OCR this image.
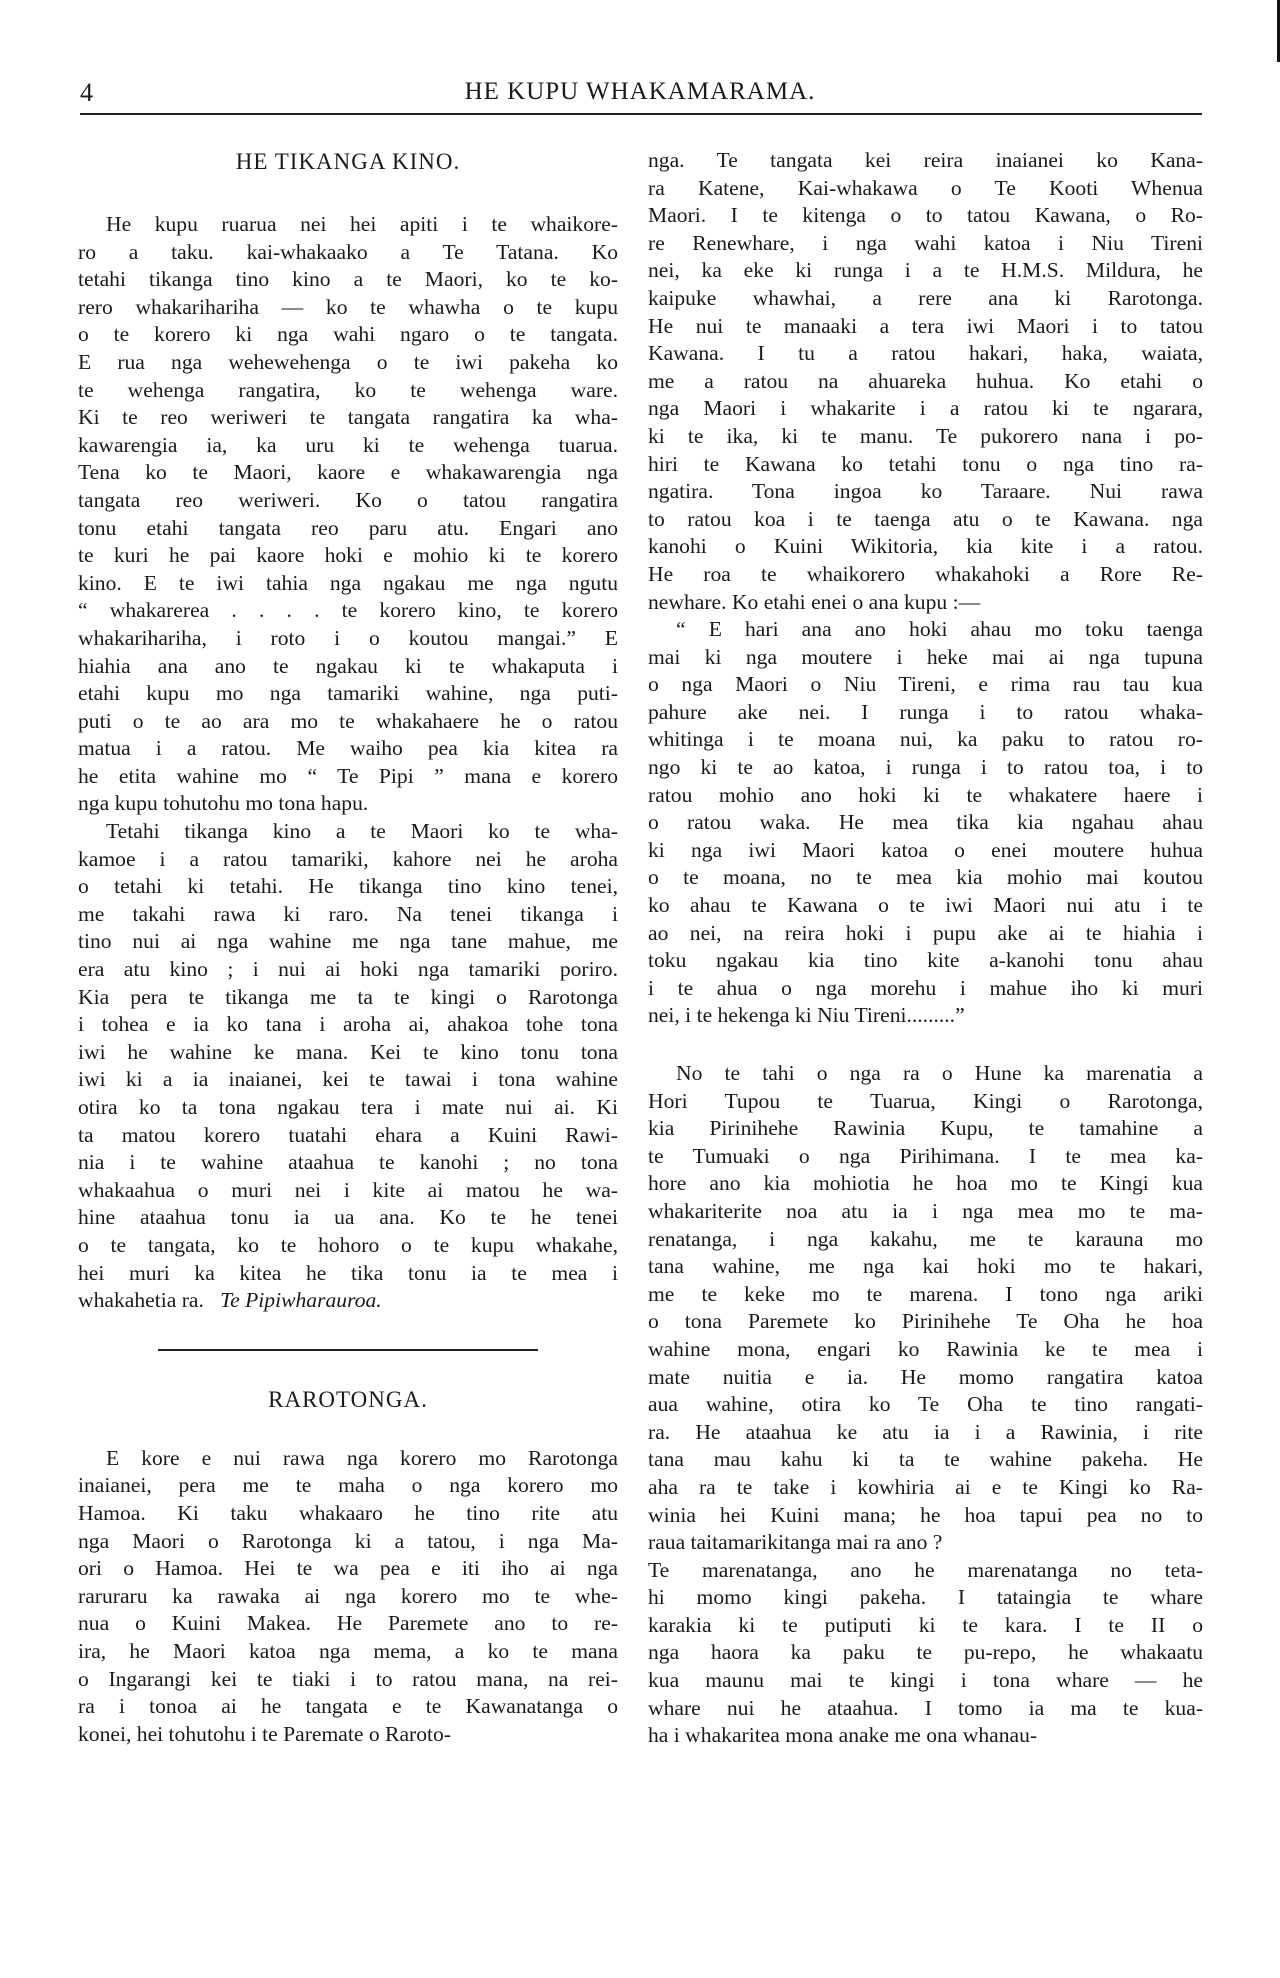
4	HE KUPU WHAKAMARAMA.
HE TIKANGA KINO.
He kupu ruarua nei hei apiti i te whaikore-
ro a taku. kai-whakaako a Te Tatana. Ko
tetahi tikanga tino kino a te Maori, ko te ko-
rero whakarihariha — ko te whawha o te kupu
o te korero ki nga wahi ngaro o te tangata.
E rua nga wehewehenga o te iwi pakeha ko
te wehenga rangatira, ko te wehenga ware.
Ki te reo weriweri te tangata rangatira ka wha-
kawarengia ia, ka uru ki te wehenga tuarua.
Tena ko te Maori, kaore e whakawarengia nga
tangata reo weriweri. Ko o tatou rangatira
tonu etahi tangata reo paru atu. Engari ano
te kuri he pai kaore hoki e mohio ki te korero
kino. E te iwi tahia nga ngakau me nga ngutu
“ whakarerea . . . . te korero kino, te korero
whakarihariha, i roto i o koutou mangai.” E
hiahia ana ano te ngakau ki te whakaputa i
etahi kupu mo nga tamariki wahine, nga puti-
puti o te ao ara mo te whakahaere he o ratou
matua i a ratou. Me waiho pea kia kitea ra
he etita wahine mo “ Te Pipi ” mana e korero
nga kupu tohutohu mo tona hapu.
Tetahi tikanga kino a te Maori ko te wha-
kamoe i a ratou tamariki, kahore nei he aroha
o tetahi ki tetahi. He tikanga tino kino tenei,
me takahi rawa ki raro. Na tenei tikanga i
tino nui ai nga wahine me nga tane mahue, me
era atu kino ; i nui ai hoki nga tamariki poriro.
Kia pera te tikanga me ta te kingi o Rarotonga
i tohea e ia ko tana i aroha ai, ahakoa tohe tona
iwi he wahine ke mana. Kei te kino tonu tona
iwi ki a ia inaianei, kei te tawai i tona wahine
otira ko ta tona ngakau tera i mate nui ai. Ki
ta matou korero tuatahi ehara a Kuini Rawi-
nia i te wahine ataahua te kanohi ; no tona
whakaahua o muri nei i kite ai matou he wa-
hine ataahua tonu ia ua ana. Ko te he tenei
o te tangata, ko te hohoro o te kupu whakahe,
hei muri ka kitea he tika tonu ia te mea i
whakahetia ra. Te Pipiwharauroa.
RAROTONGA.
E kore e nui rawa nga korero mo Rarotonga
inaianei, pera me te maha o nga korero mo
Hamoa. Ki taku whakaaro he tino rite atu
nga Maori o Rarotonga ki a tatou, i nga Ma-
ori o Hamoa. Hei te wa pea e iti iho ai nga
raruraru ka rawaka ai nga korero mo te whe-
nua o Kuini Makea. He Paremete ano to re-
ira, he Maori katoa nga mema, a ko te mana
o Ingarangi kei te tiaki i to ratou mana, na rei-
ra i tonoa ai he tangata e te Kawanatanga o
konei, hei tohutohu i te Paremate o Raroto-
nga. Te tangata kei reira inaianei ko Kana-
ra Katene, Kai-whakawa o Te Kooti Whenua
Maori. I te kitenga o to tatou Kawana, o Ro-
re Renewhare, i nga wahi katoa i Niu Tireni
nei, ka eke ki runga i a te H.M.S. Mildura, he
kaipuke whawhai, a rere ana ki Rarotonga.
He nui te manaaki a tera iwi Maori i to tatou
Kawana. I tu a ratou hakari, haka, waiata,
me a ratou na ahuareka huhua. Ko etahi o
nga Maori i whakarite i a ratou ki te ngarara,
ki te ika, ki te manu. Te pukorero nana i po-
hiri te Kawana ko tetahi tonu o nga tino ra-
ngatira. Tona ingoa ko Taraare. Nui rawa
to ratou koa i te taenga atu o te Kawana. nga
kanohi o Kuini Wikitoria, kia kite i a ratou.
He roa te whaikorero whakahoki a Rore Re-
newhare. Ko etahi enei o ana kupu :—
“ E hari ana ano hoki ahau mo toku taenga
mai ki nga moutere i heke mai ai nga tupuna
o nga Maori o Niu Tireni, e rima rau tau kua
pahure ake nei. I runga i to ratou whaka-
whitinga i te moana nui, ka paku to ratou ro-
ngo ki te ao katoa, i runga i to ratou toa, i to
ratou mohio ano hoki ki te whakatere haere i
o ratou waka. He mea tika kia ngahau ahau
ki nga iwi Maori katoa o enei moutere huhua
o te moana, no te mea kia mohio mai koutou
ko ahau te Kawana o te iwi Maori nui atu i te
ao nei, na reira hoki i pupu ake ai te hiahia i
toku ngakau kia tino kite a-kanohi tonu ahau
i te ahua o nga morehu i mahue iho ki muri
nei, i te hekenga ki Niu Tireni.........”
No te tahi o nga ra o Hune ka marenatia a
Hori Tupou te Tuarua, Kingi o Rarotonga,
kia Pirinihehe Rawinia Kupu, te tamahine a
te Tumuaki o nga Pirihimana. I te mea ka-
hore ano kia mohiotia he hoa mo te Kingi kua
whakariterite noa atu ia i nga mea mo te ma-
renatanga, i nga kakahu, me te karauna mo
tana wahine, me nga kai hoki mo te hakari,
me te keke mo te marena. I tono nga ariki
o tona Paremete ko Pirinihehe Te Oha he hoa
wahine mona, engari ko Rawinia ke te mea i
mate nuitia e ia. He momo rangatira katoa
aua wahine, otira ko Te Oha te tino rangati-
ra. He ataahua ke atu ia i a Rawinia, i rite
tana mau kahu ki ta te wahine pakeha. He
aha ra te take i kowhiria ai e te Kingi ko Ra-
winia hei Kuini mana; he hoa tapui pea no to
raua taitamarikitanga mai ra ano ?
Te marenatanga, ano he marenatanga no teta-
hi momo kingi pakeha. I tataingia te whare
karakia ki te putiputi ki te kara. I te II o
nga haora ka paku te pu-repo, he whakaatu
kua maunu mai te kingi i tona whare — he
whare nui he ataahua. I tomo ia ma te kua-
ha i whakaritea mona anake me ona whanau-
